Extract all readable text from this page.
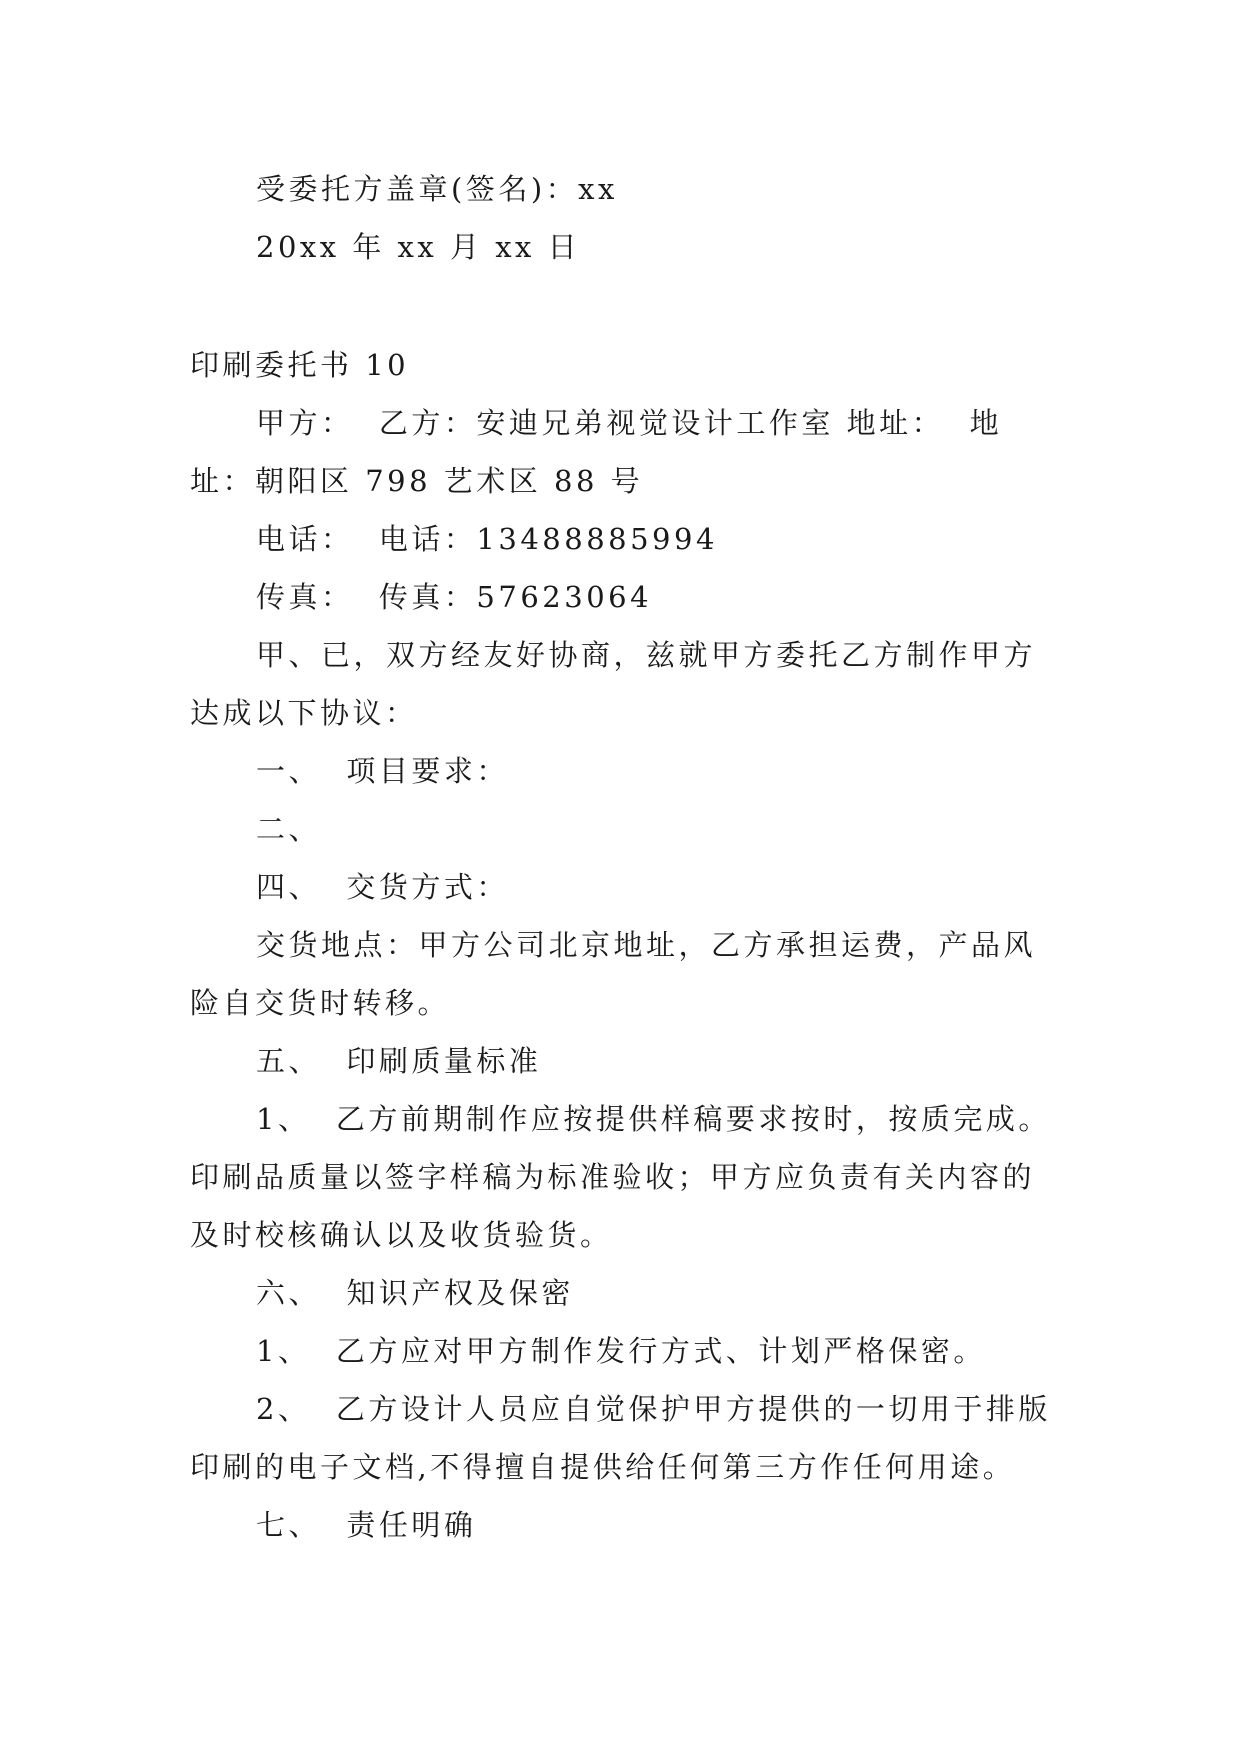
受委托方盖章(签名)：xx

20xx 年 xx 月 xx 日

印刷委托书 10

甲方：  乙方：安迪兄弟视觉设计工作室 地址：  地址：朝阳区 798 艺术区 88 号

电话：  电话：13488885994

传真：  传真：57623064

甲、已，双方经友好协商，兹就甲方委托乙方制作甲方达成以下协议：

一、  项目要求：

二、

四、  交货方式：

交货地点：甲方公司北京地址，乙方承担运费，产品风险自交货时转移。

五、  印刷质量标准

1、  乙方前期制作应按提供样稿要求按时，按质完成。印刷品质量以签字样稿为标准验收；甲方应负责有关内容的及时校核确认以及收货验货。

六、  知识产权及保密

1、  乙方应对甲方制作发行方式、计划严格保密。

2、  乙方设计人员应自觉保护甲方提供的一切用于排版印刷的电子文档,不得擅自提供给任何第三方作任何用途。

七、  责任明确
